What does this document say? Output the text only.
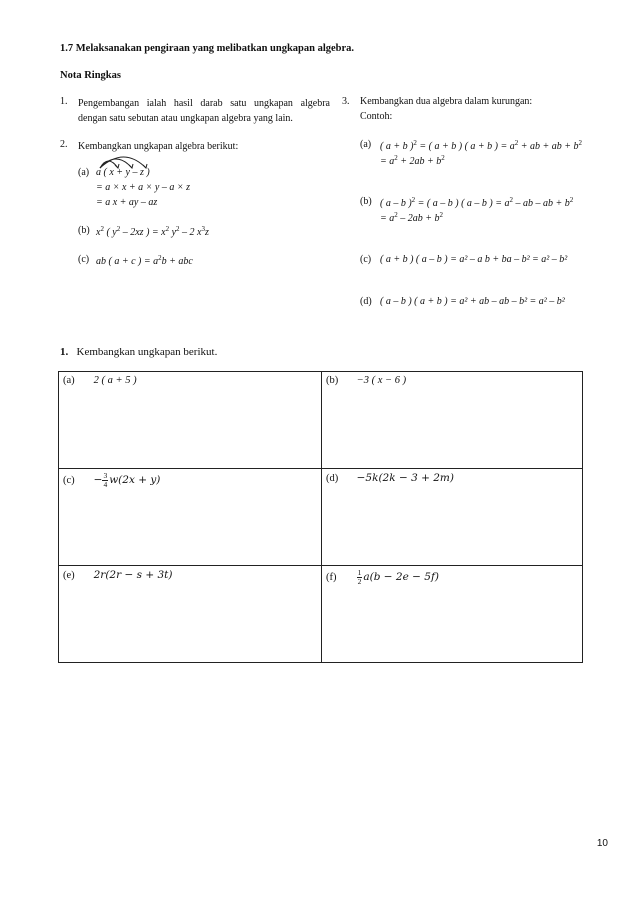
1.7 Melaksanakan pengiraan yang melibatkan ungkapan algebra.
Nota Ringkas
1. Pengembangan ialah hasil darab satu ungkapan algebra dengan satu sebutan atau ungkapan algebra yang lain.
2. Kembangkan ungkapan algebra berikut:
(a) a ( x + y – z )
= a × x + a × y – a × z
= a x + ay – az
(b) $x^2$ ( $y^2 - 2xz$ ) = $x^2$ $y^2 - 2$ $x^3z$
(c) ab ( a + c ) = $a^2b$ + abc
3. Kembangkan dua algebra dalam kurungan:
Contoh:
(a) ( a + b )$^2$ = ( a + b ) ( a + b ) = $a^2$ + ab + ab + $b^2$
= $a^2 + 2ab + b^2$
(b) ( a – b )$^2$ = ( a – b ) ( a – b ) = $a^2$ – ab – ab + $b^2$
= $a^2 - 2ab + b^2$
(c) ( a + b ) ( a – b ) = a² – a b + ba – b² = a² – b²
(d) ( a – b ) ( a + b ) = a² + ab – ab – b² = a² – b²
1. Kembangkan ungkapan berikut.
(a) 2 ( a + 5 )	(b) −3 ( x − 6 )
$(c) - \frac{3}{4} w(2x + y)$	(d) −5k(2k − 3 + 2m)
(e) 2r(2r − s + 3t)	$(f) \frac{1}{2} a(b - 2e - 5f)$
10
